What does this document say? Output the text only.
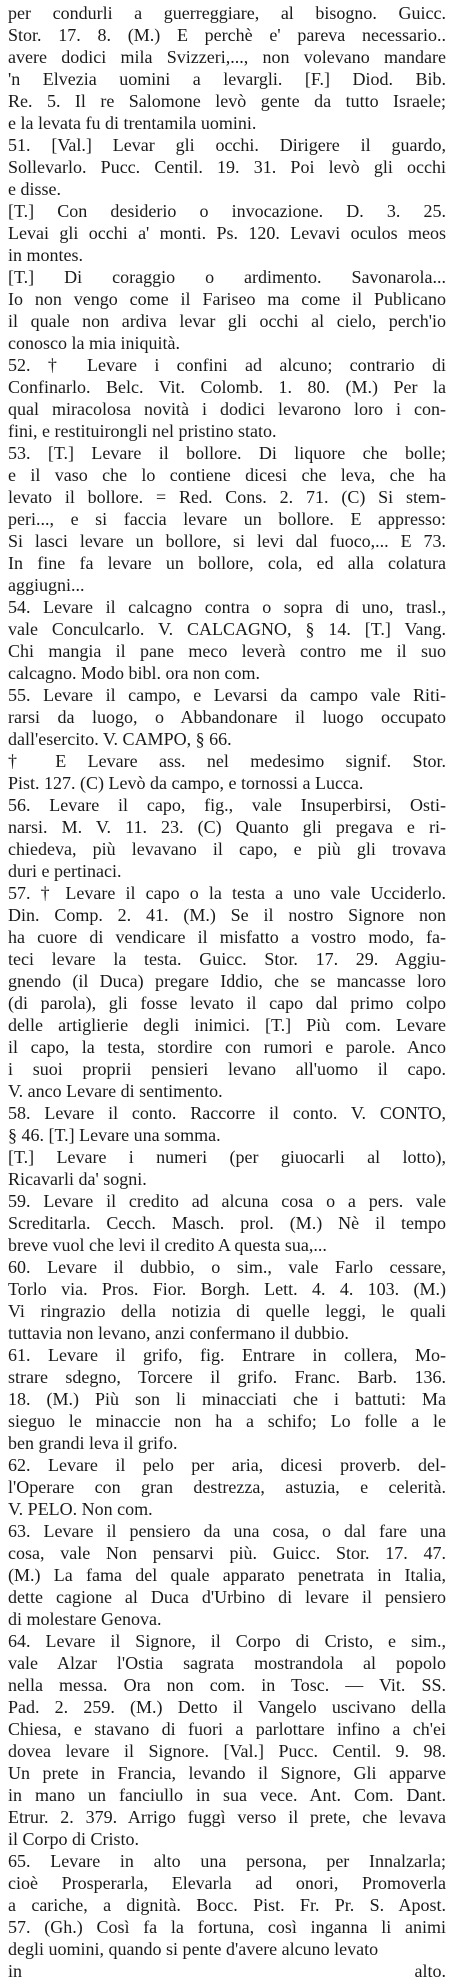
per condurli a guerreggiare, al bisogno. Guicc.
Stor. 17. 8. (M.) E perchè e' pareva necessario..
avere dodici mila Svizzeri,..., non volevano mandare
'n Elvezia uomini a levargli. [F.] Diod. Bib.
Re. 5. Il re Salomone levò gente da tutto Israele;
e la levata fu di trentamila uomini.
51. [Val.] Levar gli occhi. Dirigere il guardo,
Sollevarlo. Pucc. Centil. 19. 31. Poi levò gli occhi
e disse.
[T.] Con desiderio o invocazione. D. 3. 25.
Levai gli occhi a' monti. Ps. 120. Levavi oculos meos
in montes.
[T.] Di coraggio o ardimento. Savonarola...
Io non vengo come il Fariseo ma come il Publicano
il quale non ardiva levar gli occhi al cielo, perch'io
conosco la mia iniquità.
52. † Levare i confini ad alcuno; contrario di
Confinarlo. Belc. Vit. Colomb. 1. 80. (M.) Per la
qual miracolosa novità i dodici levarono loro i con-
fini, e restituirongli nel pristino stato.
53. [T.] Levare il bollore. Di liquore che bolle;
e il vaso che lo contiene dicesi che leva, che ha
levato il bollore. = Red. Cons. 2. 71. (C) Si stem-
peri..., e si faccia levare un bollore. E appresso:
Si lasci levare un bollore, si levi dal fuoco,... E 73.
In fine fa levare un bollore, cola, ed alla colatura
aggiugni...
54. Levare il calcagno contra o sopra di uno, trasl.,
vale Conculcarlo. V. CALCAGNO, § 14. [T.] Vang.
Chi mangia il pane meco leverà contro me il suo
calcagno. Modo bibl. ora non com.
55. Levare il campo, e Levarsi da campo vale Riti-
rarsi da luogo, o Abbandonare il luogo occupato
dall'esercito. V. CAMPO, § 66.
† E Levare ass. nel medesimo signif. Stor.
Pist. 127. (C) Levò da campo, e tornossi a Lucca.
56. Levare il capo, fig., vale Insuperbirsi, Osti-
narsi. M. V. 11. 23. (C) Quanto gli pregava e ri-
chiedeva, più levavano il capo, e più gli trovava
duri e pertinaci.
57. † Levare il capo o la testa a uno vale Ucciderlo.
Din. Comp. 2. 41. (M.) Se il nostro Signore non
ha cuore di vendicare il misfatto a vostro modo, fa-
teci levare la testa. Guicc. Stor. 17. 29. Aggiu-
gnendo (il Duca) pregare Iddio, che se mancasse loro
(di parola), gli fosse levato il capo dal primo colpo
delle artiglierie degli inimici. [T.] Più com. Levare
il capo, la testa, stordire con rumori e parole. Anco
i suoi proprii pensieri levano all'uomo il capo.
V. anco Levare di sentimento.
58. Levare il conto. Raccorre il conto. V. CONTO,
§ 46. [T.] Levare una somma.
[T.] Levare i numeri (per giuocarli al lotto),
Ricavarli da' sogni.
59. Levare il credito ad alcuna cosa o a pers. vale
Screditarla. Cecch. Masch. prol. (M.) Nè il tempo
breve vuol che levi il credito A questa sua,...
60. Levare il dubbio, o sim., vale Farlo cessare,
Torlo via. Pros. Fior. Borgh. Lett. 4. 4. 103. (M.)
Vi ringrazio della notizia di quelle leggi, le quali
tuttavia non levano, anzi confermano il dubbio.
61. Levare il grifo, fig. Entrare in collera, Mo-
strare sdegno, Torcere il grifo. Franc. Barb. 136.
18. (M.) Più son li minacciati che i battuti: Ma
sieguo le minaccie non ha a schifo; Lo folle a le
ben grandi leva il grifo.
62. Levare il pelo per aria, dicesi proverb. del-
l'Operare con gran destrezza, astuzia, e celerità.
V. PELO. Non com.
63. Levare il pensiero da una cosa, o dal fare una
cosa, vale Non pensarvi più. Guicc. Stor. 17. 47.
(M.) La fama del quale apparato penetrata in Italia,
dette cagione al Duca d'Urbino di levare il pensiero
di molestare Genova.
64. Levare il Signore, il Corpo di Cristo, e sim.,
vale Alzar l'Ostia sagrata mostrandola al popolo
nella messa. Ora non com. in Tosc. — Vit. SS.
Pad. 2. 259. (M.) Detto il Vangelo uscivano della
Chiesa, e stavano di fuori a parlottare infino a ch'ei
dovea levare il Signore. [Val.] Pucc. Centil. 9. 98.
Un prete in Francia, levando il Signore, Gli apparve
in mano un fanciullo in sua vece. Ant. Com. Dant.
Etrur. 2. 379. Arrigo fuggì verso il prete, che levava
il Corpo di Cristo.
65. Levare in alto una persona, per Innalzarla;
cioè Prosperarla, Elevarla ad onori, Promoverla
a cariche, a dignità. Bocc. Pist. Fr. Pr. S. Apost.
57. (Gh.) Così fa la fortuna, così inganna li animi
degli uomini, quando si pente d'avere alcuno levato
in alto.
